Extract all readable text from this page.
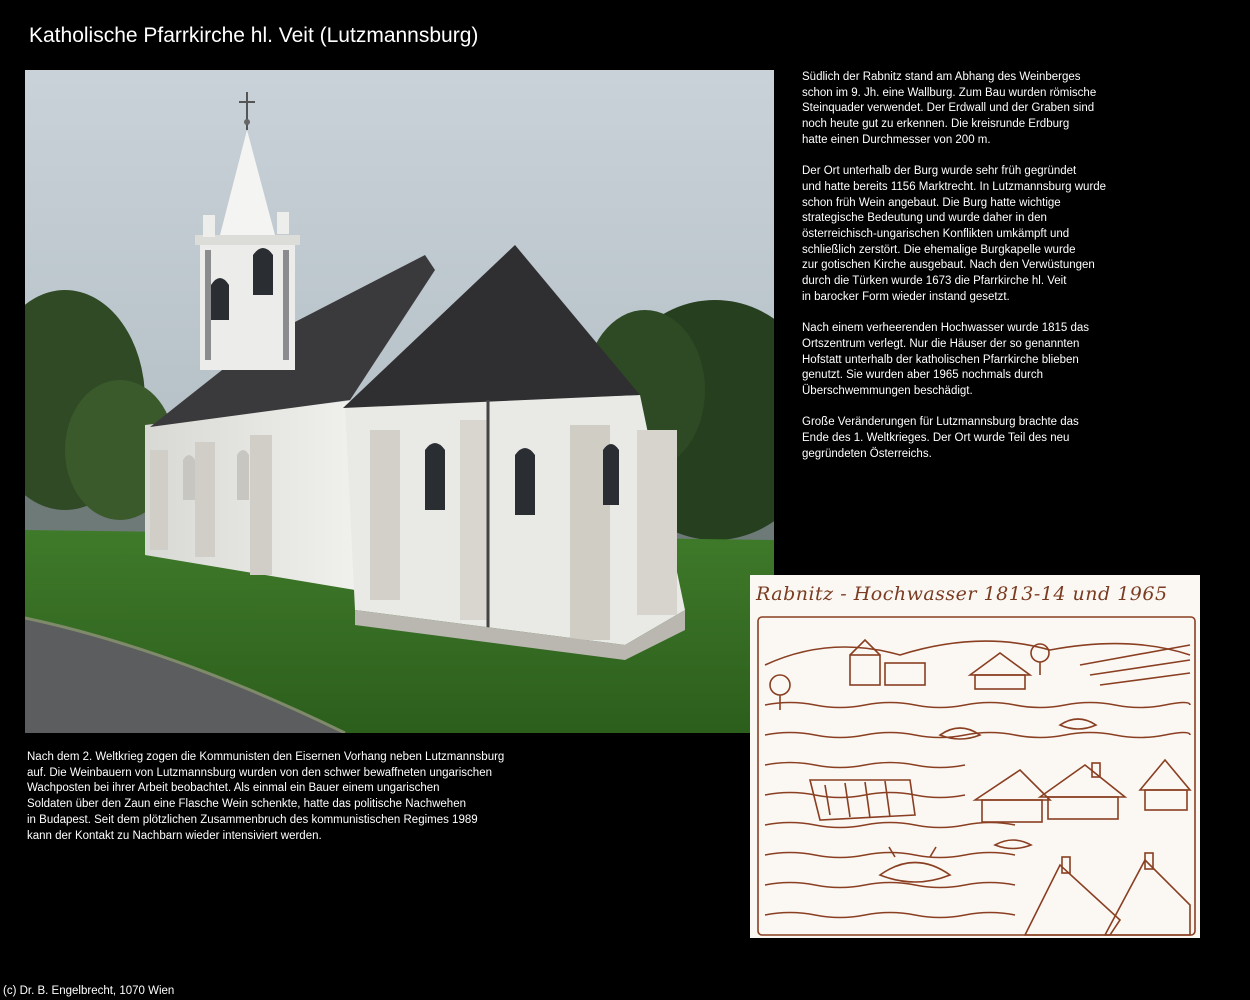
Katholische Pfarrkirche hl. Veit (Lutzmannsburg)

Südlich der Rabnitz stand am Abhang des Weinberges
schon im 9. Jh. eine Wallburg. Zum Bau wurden römische
Steinquader verwendet. Der Erdwall und der Graben sind
noch heute gut zu erkennen. Die kreisrunde Erdburg
hatte einen Durchmesser von 200 m.

Der Ort unterhalb der Burg wurde sehr früh gegründet
und hatte bereits 1156 Marktrecht. In Lutzmannsburg wurde
schon früh Wein angebaut. Die Burg hatte wichtige
strategische Bedeutung und wurde daher in den
österreichisch-ungarischen Konflikten umkämpft und
schließlich zerstört. Die ehemalige Burgkapelle wurde
zur gotischen Kirche ausgebaut. Nach den Verwüstungen
durch die Türken wurde 1673 die Pfarrkirche hl. Veit
in barocker Form wieder instand gesetzt.

Nach einem verheerenden Hochwasser wurde 1815 das
Ortszentrum verlegt. Nur die Häuser der so genannten
Hofstatt unterhalb der katholischen Pfarrkirche blieben
genutzt. Sie wurden aber 1965 nochmals durch
Überschwemmungen beschädigt.

Große Veränderungen für Lutzmannsburg brachte das
Ende des 1. Weltkrieges. Der Ort wurde Teil des neu
gegründeten Österreichs.

Nach dem 2. Weltkrieg zogen die Kommunisten den Eisernen Vorhang neben Lutzmannsburg
auf. Die Weinbauern von Lutzmannsburg wurden von den schwer bewaffneten ungarischen
Wachposten bei ihrer Arbeit beobachtet. Als einmal ein Bauer einem ungarischen
Soldaten über den Zaun eine Flasche Wein schenkte, hatte das politische Nachwehen
in Budapest. Seit dem plötzlichen Zusammenbruch des kommunistischen Regimes 1989
kann der Kontakt zu Nachbarn wieder intensiviert werden.

Rabnitz - Hochwasser 1813-14 und 1965
(c) Dr. B. Engelbrecht, 1070 Wien
